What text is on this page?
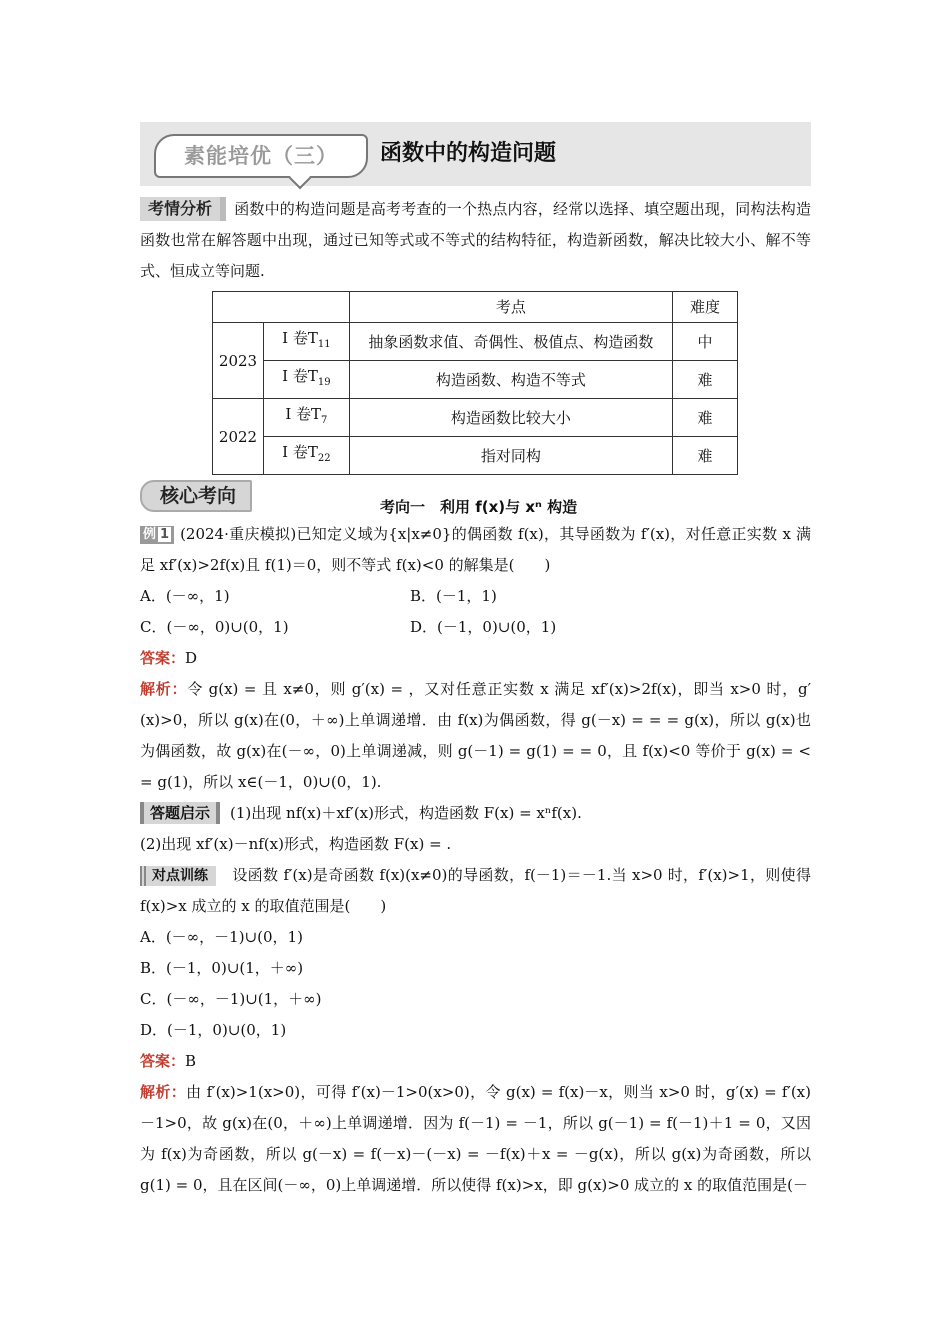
素能培优（三）	函数中的构造问题

考情分析 函数中的构造问题是高考考查的一个热点内容，经常以选择、填空题出现，同构法构造函数也常在解答题中出现，通过已知等式或不等式的结构特征，构造新函数，解决比较大小、解不等式、恒成立等问题.

		考点	难度
2023	Ⅰ 卷$T_{11}$	抽象函数求值、奇偶性、极值点、构造函数	中
	Ⅰ 卷$T_{19}$	构造函数、构造不等式	难
2022	Ⅰ 卷$T_7$	构造函数比较大小	难
	Ⅰ 卷$T_{22}$	指对同构	难
核心考向	考向一　利用 f(x)与 xⁿ 构造

例 1 (2024·重庆模拟)已知定义域为{x|x≠0}的偶函数 f(x)，其导函数为 f′(x)，对任意正实数 x 满足 xf′(x)>2f(x)且 f(1)＝0，则不等式 f(x)<0 的解集是(　　)

A．(－∞，1)	B．(－1，1)
C．(－∞，0)∪(0，1)	D．(－1，0)∪(0，1)

答案：D

解析：令 g(x) = 且 x≠0，则 g′(x) = ，又对任意正实数 x 满足 xf′(x)>2f(x)，即当 x>0 时，g′(x)>0，所以 g(x)在(0，＋∞)上单调递增．由 f(x)为偶函数，得 g(－x) = = = g(x)，所以 g(x)也为偶函数，故 g(x)在(－∞，0)上单调递减，则 g(－1) = g(1) = = 0，且 f(x)<0 等价于 g(x) = < = g(1)，所以 x∈(－1，0)∪(0，1).

答题启示 (1)出现 nf(x)＋xf′(x)形式，构造函数 F(x) = xⁿf(x).

(2)出现 xf′(x)－nf(x)形式，构造函数 F(x) = .

对点训练 设函数 f′(x)是奇函数 f(x)(x≠0)的导函数，f(－1)＝－1.当 x>0 时，f′(x)>1，则使得 f(x)>x 成立的 x 的取值范围是(　　)

A．(－∞，－1)∪(0，1)

B．(－1，0)∪(1，＋∞)

C．(－∞，－1)∪(1，＋∞)

D．(－1，0)∪(0，1)

答案：B

解析：由 f′(x)>1(x>0)，可得 f′(x)－1>0(x>0)，令 g(x) = f(x)－x，则当 x>0 时，g′(x) = f′(x)－1>0，故 g(x)在(0，＋∞)上单调递增．因为 f(－1) = －1，所以 g(－1) = f(－1)＋1 = 0，又因为 f(x)为奇函数，所以 g(－x) = f(－x)－(－x) = －f(x)＋x = －g(x)，所以 g(x)为奇函数，所以 g(1) = 0，且在区间(－∞，0)上单调递增．所以使得 f(x)>x，即 g(x)>0 成立的 x 的取值范围是(－
